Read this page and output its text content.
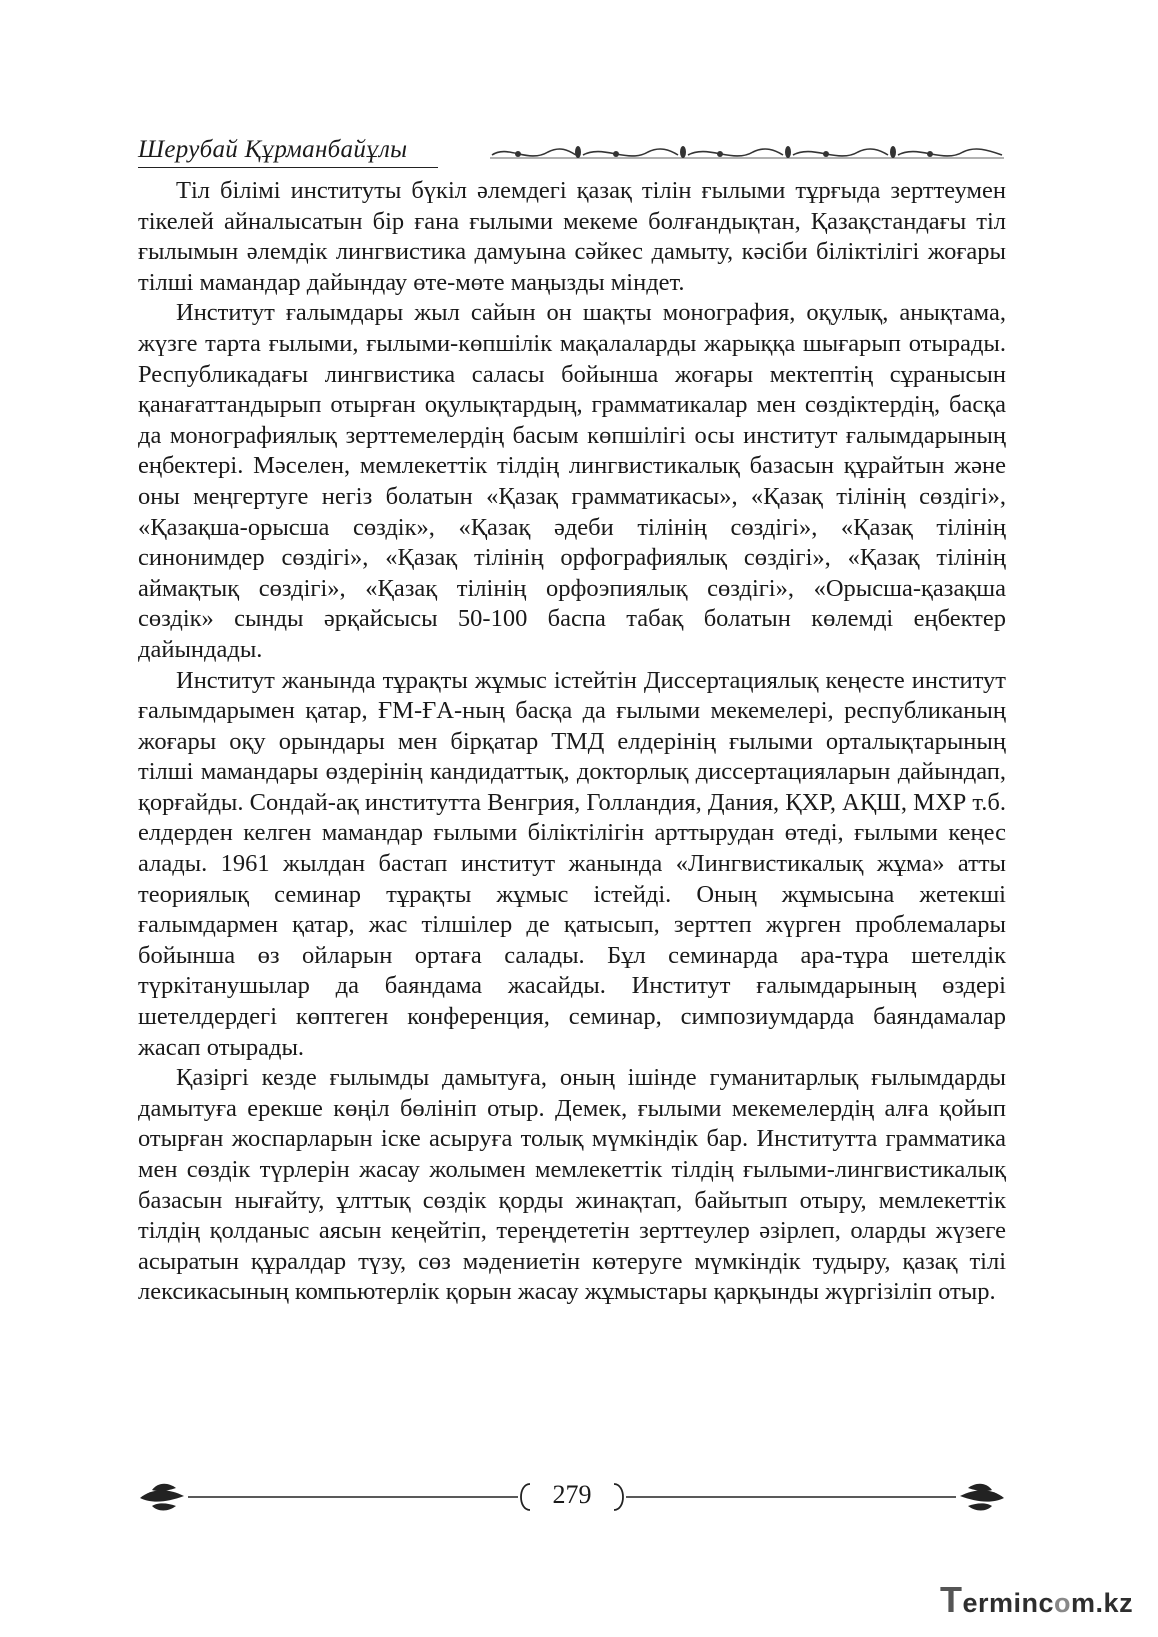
Шерубай Құрманбайұлы

Тіл білімі институты бүкіл әлемдегі қазақ тілін ғылыми тұрғыда зерттеумен тікелей айналысатын бір ғана ғылыми мекеме болғандықтан, Қазақстандағы тіл ғылымын әлемдік лингвистика дамуына сәйкес дамыту, кәсіби біліктілігі жоғары тілші мамандар дайындау өте-мөте маңызды міндет.

Институт ғалымдары жыл сайын он шақты монография, оқулық, анықтама, жүзге тарта ғылыми, ғылыми-көпшілік мақалаларды жарыққа шығарып отырады. Республикадағы лингвистика саласы бойынша жоғары мектептің сұранысын қанағаттандырып отырған оқулықтардың, грамматикалар мен сөздіктердің, басқа да монографиялық зерттемелердің басым көпшілігі осы институт ғалымдарының еңбектері. Мәселен, мемлекеттік тілдің лингвистикалық базасын құрайтын және оны меңгертуге негіз болатын «Қазақ грамматикасы», «Қазақ тілінің сөздігі», «Қазақша-орысша сөздік», «Қазақ әдеби тілінің сөздігі», «Қазақ тілінің синонимдер сөздігі», «Қазақ тілінің орфографиялық сөздігі», «Қазақ тілінің аймақтық сөздігі», «Қазақ тілінің орфоэпиялық сөздігі», «Орысша-қазақша сөздік» сынды әрқайсысы 50-100 баспа табақ болатын көлемді еңбектер дайындады.

Институт жанында тұрақты жұмыс істейтін Диссертациялық кеңесте институт ғалымдарымен қатар, ҒМ-ҒА-ның басқа да ғылыми мекемелері, республиканың жоғары оқу орындары мен бірқатар ТМД елдерінің ғылыми орталықтарының тілші мамандары өздерінің кандидаттық, докторлық диссертацияларын дайындап, қорғайды. Сондай-ақ институтта Венгрия, Голландия, Дания, ҚХР, АҚШ, МХР т.б. елдерден келген мамандар ғылыми біліктілігін арттырудан өтеді, ғылыми кеңес алады. 1961 жылдан бастап институт жанында «Лингвистикалық жұма» атты теориялық семинар тұрақты жұмыс істейді. Оның жұмысына жетекші ғалымдармен қатар, жас тілшілер де қатысып, зерттеп жүрген проблемалары бойынша өз ойларын ортаға салады. Бұл семинарда ара-тұра шетелдік түркітанушылар да баяндама жасайды. Институт ғалымдарының өздері шетелдердегі көптеген конференция, семинар, симпозиумдарда баяндамалар жасап отырады.

Қазіргі кезде ғылымды дамытуға, оның ішінде гуманитарлық ғылымдарды дамытуға ерекше көңіл бөлініп отыр. Демек, ғылыми мекемелердің алға қойып отырған жоспарларын іске асыруға толық мүмкіндік бар. Институтта грамматика мен сөздік түрлерін жасау жолымен мемлекеттік тілдің ғылыми-лингвистикалық базасын нығайту, ұлттық сөздік қорды жинақтап, байытып отыру, мемлекеттік тілдің қолданыс аясын кеңейтіп, тереңдететін зерттеулер әзірлеп, оларды жүзеге асыратын құралдар түзу, сөз мәдениетін көтеруге мүмкіндік тудыру, қазақ тілі лексикасының компьютерлік қорын жасау жұмыстары қарқынды жүргізіліп отыр.

279
Termincom.kz
